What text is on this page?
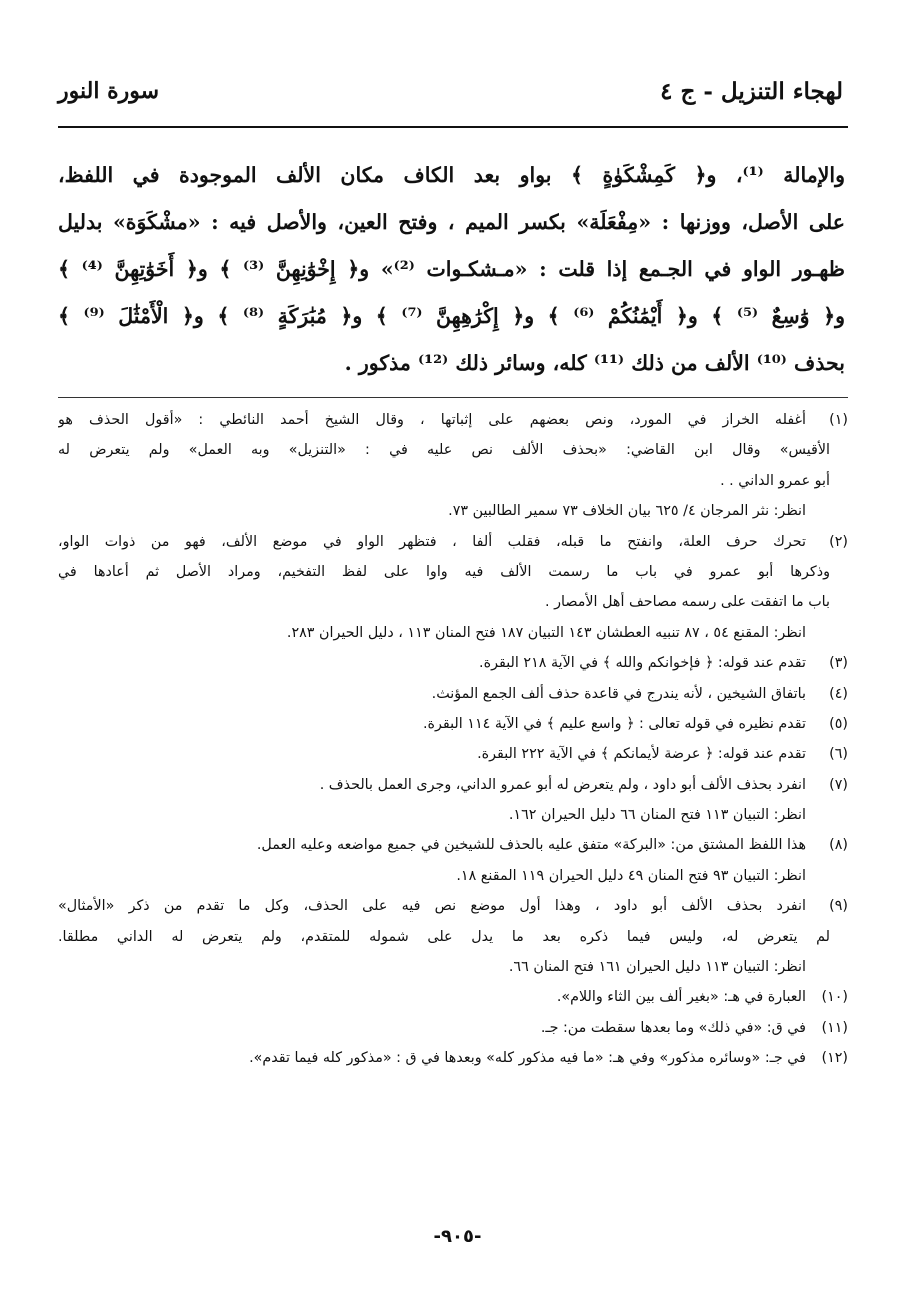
لهجاء التنزيل - ج ٤
سورة النور
والإمالة ⁽¹⁾، و﴿ كَمِشْكَوٰةٍ ﴾ بواو بعد الكاف مكان الألف الموجودة في اللفظ،
على الأصل، ووزنها : «مِفْعَلَة» بكسر الميم ، وفتح العين، والأصل فيه : «مشْكَوَة» بدليل
ظهـور الواو في الجـمع إذا قلت : «مـشكـوات ⁽²⁾» و﴿ إِخْوَٰنِهِنَّ ⁽³⁾ ﴾ و﴿ أَخَوَٰتِهِنَّ ⁽⁴⁾ ﴾
و﴿ وَٰسِعٌ ⁽⁵⁾ ﴾ و﴿ أَيْمَٰنُكُمْ ⁽⁶⁾ ﴾ و﴿ إِكْرَٰهِهِنَّ ⁽⁷⁾ ﴾ و﴿ مُبَٰرَكَةٍ ⁽⁸⁾ ﴾ و﴿ الْأَمْثَٰلَ ⁽⁹⁾ ﴾
بحذف ⁽¹⁰⁾ الألف من ذلك ⁽¹¹⁾ كله، وسائر ذلك ⁽¹²⁾ مذكور .
(١)
أغفله الخراز في المورد، ونص بعضهم على إثباتها ، وقال الشيخ أحمد النائطي : «أقول الحذف هو
الأقيس» وقال ابن القاضي: «بحذف الألف نص عليه في : «التنزيل» وبه العمل» ولم يتعرض له
أبو عمرو الداني . .
انظر: نثر المرجان ٤/ ٦٢٥ بيان الخلاف ٧٣ سمير الطالبين ٧٣.
(٢)
تحرك حرف العلة، وانفتح ما قبله، فقلب ألفا ، فتظهر الواو في موضع الألف، فهو من ذوات الواو،
وذكرها أبو عمرو في باب ما رسمت الألف فيه واوا على لفظ التفخيم، ومراد الأصل ثم أعادها في
باب ما اتفقت على رسمه مصاحف أهل الأمصار .
انظر: المقنع ٥٤ ، ٨٧ تنبيه العطشان ١٤٣ التبيان ١٨٧ فتح المنان ١١٣ ، دليل الحيران ٢٨٣.
(٣)
تقدم عند قوله: ﴿ فإخوانكم والله ﴾ في الآية ٢١٨ البقرة.
(٤)
باتفاق الشيخين ، لأنه يندرج في قاعدة حذف ألف الجمع المؤنث.
(٥)
تقدم نظيره في قوله تعالى : ﴿ واسع عليم ﴾ في الآية ١١٤ البقرة.
(٦)
تقدم عند قوله: ﴿ عرضة لأيمانكم ﴾ في الآية ٢٢٢ البقرة.
(٧)
انفرد بحذف الألف أبو داود ، ولم يتعرض له أبو عمرو الداني، وجرى العمل بالحذف .
انظر: التبيان ١١٣ فتح المنان ٦٦ دليل الحيران ١٦٢.
(٨)
هذا اللفظ المشتق من: «البركة» متفق عليه بالحذف للشيخين في جميع مواضعه وعليه العمل.
انظر: التبيان ٩٣ فتح المنان ٤٩ دليل الحيران ١١٩ المقنع ١٨.
(٩)
انفرد بحذف الألف أبو داود ، وهذا أول موضع نص فيه على الحذف، وكل ما تقدم من ذكر «الأمثال»
لم يتعرض له، وليس فيما ذكره بعد ما يدل على شموله للمتقدم، ولم يتعرض له الداني مطلقا.
انظر: التبيان ١١٣ دليل الحيران ١٦١ فتح المنان ٦٦.
(١٠)
العبارة في هـ: «بغير ألف بين الثاء واللام».
(١١)
في ق: «في ذلك» وما بعدها سقطت من: جـ.
(١٢)
في جـ: «وسائره مذكور» وفي هـ: «ما فيه مذكور كله» وبعدها في ق : «مذكور كله فيما تقدم».
-٩٠٥-
